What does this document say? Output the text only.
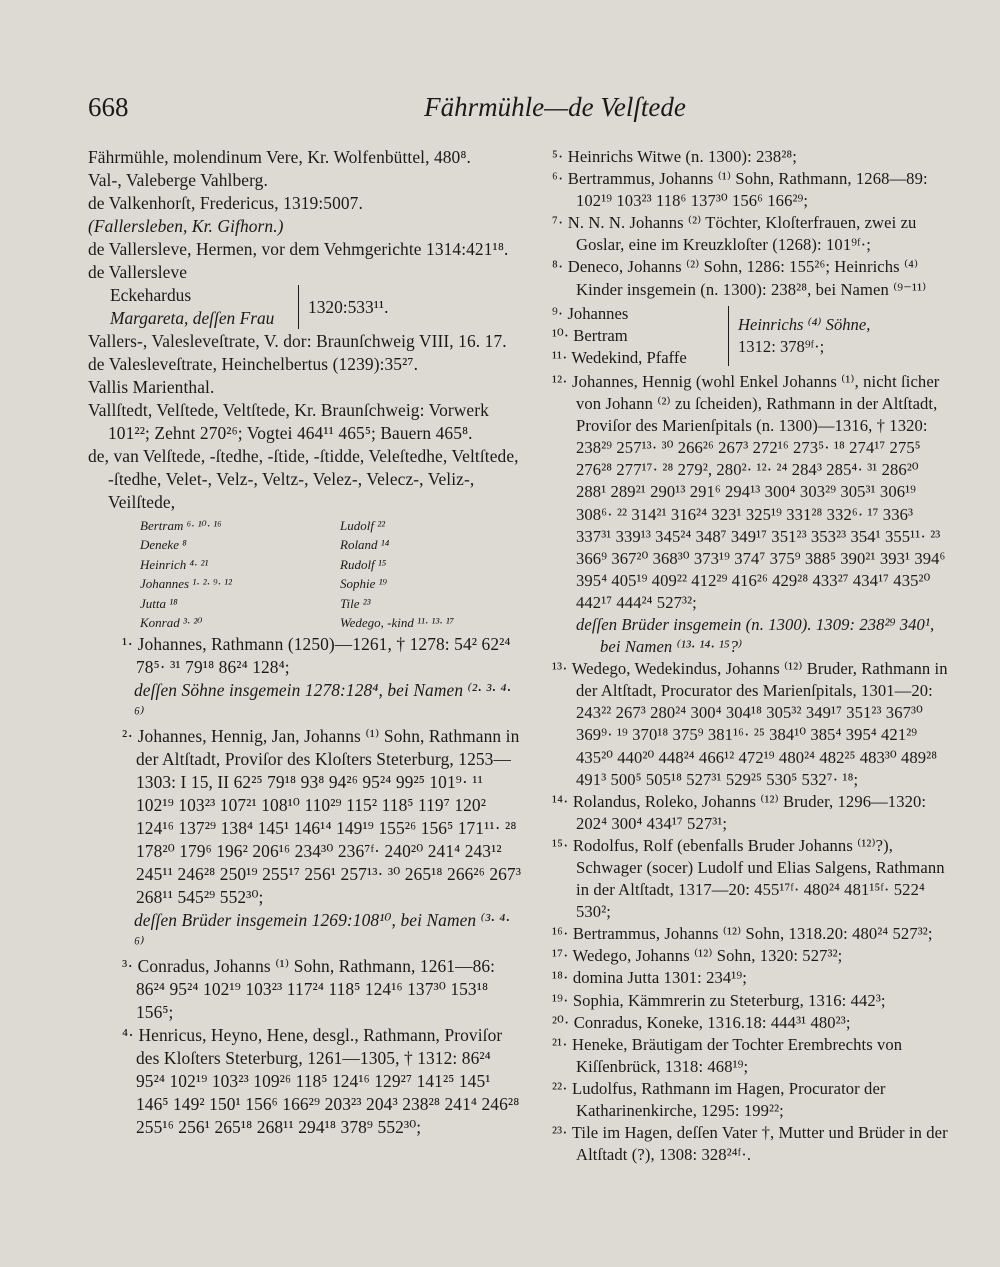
668	Fährmühle—de Velſtede

Fährmühle, molendinum Vere, Kr. Wolfenbüttel, 480⁸.

Val-, Valeberge Vahlberg.

de Valkenhorſt, Fredericus, 1319:5007.

(Fallersleben, Kr. Gifhorn.)

de Vallersleve, Hermen, vor dem Vehmgerichte 1314:421¹⁸.

de Vallersleve

Eckehardus
Margareta, deſſen Frau
1320:533¹¹.

Vallers-, Valesleveſtrate, V. dor: Braunſchweig VIII, 16. 17.

de Valesleveſtrate, Heinchelbertus (1239):35²⁷.

Vallis Marienthal.

Vallſtedt, Velſtede, Veltſtede, Kr. Braunſchweig: Vorwerk 101²²; Zehnt 270²⁶; Vogtei 464¹¹ 465⁵; Bauern 465⁸.

de, van Velſtede, -ſtedhe, -ſtide, -ſtidde, Veleſtedhe, Veltſtede, -ſtedhe, Velet-, Velz-, Veltz-, Velez-, Velecz-, Veliz-, Veilſtede,

Bertram ⁶· ¹⁰· ¹⁶	Ludolf ²²
Deneke ⁸	Roland ¹⁴
Heinrich ⁴· ²¹	Rudolf ¹⁵
Johannes ¹· ²· ⁹· ¹²	Sophie ¹⁹
Jutta ¹⁸	Tile ²³
Konrad ³· ²⁰	Wedego, -kind ¹¹· ¹³· ¹⁷

¹· Johannes, Rathmann (1250)—1261, † 1278: 54² 62²⁴ 78⁵· ³¹ 79¹⁸ 86²⁴ 128⁴;

deſſen Söhne insgemein 1278:128⁴, bei Namen ⁽²· ³· ⁴· ⁶⁾

²· Johannes, Hennig, Jan, Johanns ⁽¹⁾ Sohn, Rathmann in der Altſtadt, Proviſor des Kloſters Steterburg, 1253—1303: I 15, II 62²⁵ 79¹⁸ 93⁸ 94²⁶ 95²⁴ 99²⁵ 101⁹· ¹¹ 102¹⁹ 103²³ 107²¹ 108¹⁰ 110²⁹ 115² 118⁵ 119⁷ 120² 124¹⁶ 137²⁹ 138⁴ 145¹ 146¹⁴ 149¹⁹ 155²⁶ 156⁵ 171¹¹· ²⁸ 178²⁰ 179⁶ 196² 206¹⁶ 234³⁰ 236⁷ᶠ· 240²⁰ 241⁴ 243¹² 245¹¹ 246²⁸ 250¹⁹ 255¹⁷ 256¹ 257¹³· ³⁰ 265¹⁸ 266²⁶ 267³ 268¹¹ 545²⁹ 552³⁰;

deſſen Brüder insgemein 1269:108¹⁰, bei Namen ⁽³· ⁴· ⁶⁾

³· Conradus, Johanns ⁽¹⁾ Sohn, Rathmann, 1261—86: 86²⁴ 95²⁴ 102¹⁹ 103²³ 117²⁴ 118⁵ 124¹⁶ 137³⁰ 153¹⁸ 156⁵;

⁴· Henricus, Heyno, Hene, desgl., Rathmann, Proviſor des Kloſters Steterburg, 1261—1305, † 1312: 86²⁴ 95²⁴ 102¹⁹ 103²³ 109²⁶ 118⁵ 124¹⁶ 129²⁷ 141²⁵ 145¹ 146⁵ 149² 150¹ 156⁶ 166²⁹ 203²³ 204³ 238²⁸ 241⁴ 246²⁸ 255¹⁶ 256¹ 265¹⁸ 268¹¹ 294¹⁸ 378⁹ 552³⁰;

⁵· Heinrichs Witwe (n. 1300): 238²⁸;

⁶· Bertrammus, Johanns ⁽¹⁾ Sohn, Rathmann, 1268—89: 102¹⁹ 103²³ 118⁶ 137³⁰ 156⁶ 166²⁹;

⁷· N. N. N. Johanns ⁽²⁾ Töchter, Kloſterfrauen, zwei zu Goslar, eine im Kreuzkloſter (1268): 101⁹ᶠ·;

⁸· Deneco, Johanns ⁽²⁾ Sohn, 1286: 155²⁶; Heinrichs ⁽⁴⁾ Kinder insgemein (n. 1300): 238²⁸, bei Namen ⁽⁹⁻¹¹⁾

⁹· Johannes
¹⁰· Bertram
¹¹· Wedekind, Pfaffe
Heinrichs ⁽⁴⁾ Söhne,
1312: 378⁹ᶠ·;

¹²· Johannes, Hennig (wohl Enkel Johanns ⁽¹⁾, nicht ſicher von Johann ⁽²⁾ zu ſcheiden), Rathmann in der Altſtadt, Proviſor des Marienſpitals (n. 1300)—1316, † 1320: 238²⁹ 257¹³· ³⁰ 266²⁶ 267³ 272¹⁶ 273⁵· ¹⁸ 274¹⁷ 275⁵ 276²⁸ 277¹⁷· ²⁸ 279², 280²· ¹²· ²⁴ 284³ 285⁴· ³¹ 286²⁰ 288¹ 289²¹ 290¹³ 291⁶ 294¹³ 300⁴ 303²⁹ 305³¹ 306¹⁹ 308⁶· ²² 314²¹ 316²⁴ 323¹ 325¹⁹ 331²⁸ 332⁶· ¹⁷ 336³ 337³¹ 339¹³ 345²⁴ 348⁷ 349¹⁷ 351²³ 353²³ 354¹ 355¹¹· ²³ 366⁹ 367²⁰ 368³⁰ 373¹⁹ 374⁷ 375⁹ 388⁵ 390²¹ 393¹ 394⁶ 395⁴ 405¹⁹ 409²² 412²⁹ 416²⁶ 429²⁸ 433²⁷ 434¹⁷ 435²⁰ 442¹⁷ 444²⁴ 527³²;

deſſen Brüder insgemein (n. 1300). 1309: 238²⁹ 340¹, bei Namen ⁽¹³· ¹⁴· ¹⁵?⁾

¹³· Wedego, Wedekindus, Johanns ⁽¹²⁾ Bruder, Rathmann in der Altſtadt, Procurator des Marienſpitals, 1301—20: 243²² 267³ 280²⁴ 300⁴ 304¹⁸ 305³² 349¹⁷ 351²³ 367³⁰ 369⁹· ¹⁹ 370¹⁸ 375⁹ 381¹⁶· ²⁵ 384¹⁰ 385⁴ 395⁴ 421²⁹ 435²⁰ 440²⁰ 448²⁴ 466¹² 472¹⁹ 480²⁴ 482²⁵ 483³⁰ 489²⁸ 491³ 500⁵ 505¹⁸ 527³¹ 529²⁵ 530⁵ 532⁷· ¹⁸;

¹⁴· Rolandus, Roleko, Johanns ⁽¹²⁾ Bruder, 1296—1320: 202⁴ 300⁴ 434¹⁷ 527³¹;

¹⁵· Rodolfus, Rolf (ebenfalls Bruder Johanns ⁽¹²⁾?), Schwager (socer) Ludolf und Elias Salgens, Rathmann in der Altſtadt, 1317—20: 455¹⁷ᶠ· 480²⁴ 481¹⁵ᶠ· 522⁴ 530²;

¹⁶· Bertrammus, Johanns ⁽¹²⁾ Sohn, 1318.20: 480²⁴ 527³²;

¹⁷· Wedego, Johanns ⁽¹²⁾ Sohn, 1320: 527³²;

¹⁸· domina Jutta 1301: 234¹⁹;

¹⁹· Sophia, Kämmrerin zu Steterburg, 1316: 442³;

²⁰· Conradus, Koneke, 1316.18: 444³¹ 480²³;

²¹· Heneke, Bräutigam der Tochter Erembrechts von Kiſſenbrück, 1318: 468¹⁹;

²²· Ludolfus, Rathmann im Hagen, Procurator der Katharinenkirche, 1295: 199²²;

²³· Tile im Hagen, deſſen Vater †, Mutter und Brüder in der Altſtadt (?), 1308: 328²⁴ᶠ·.
